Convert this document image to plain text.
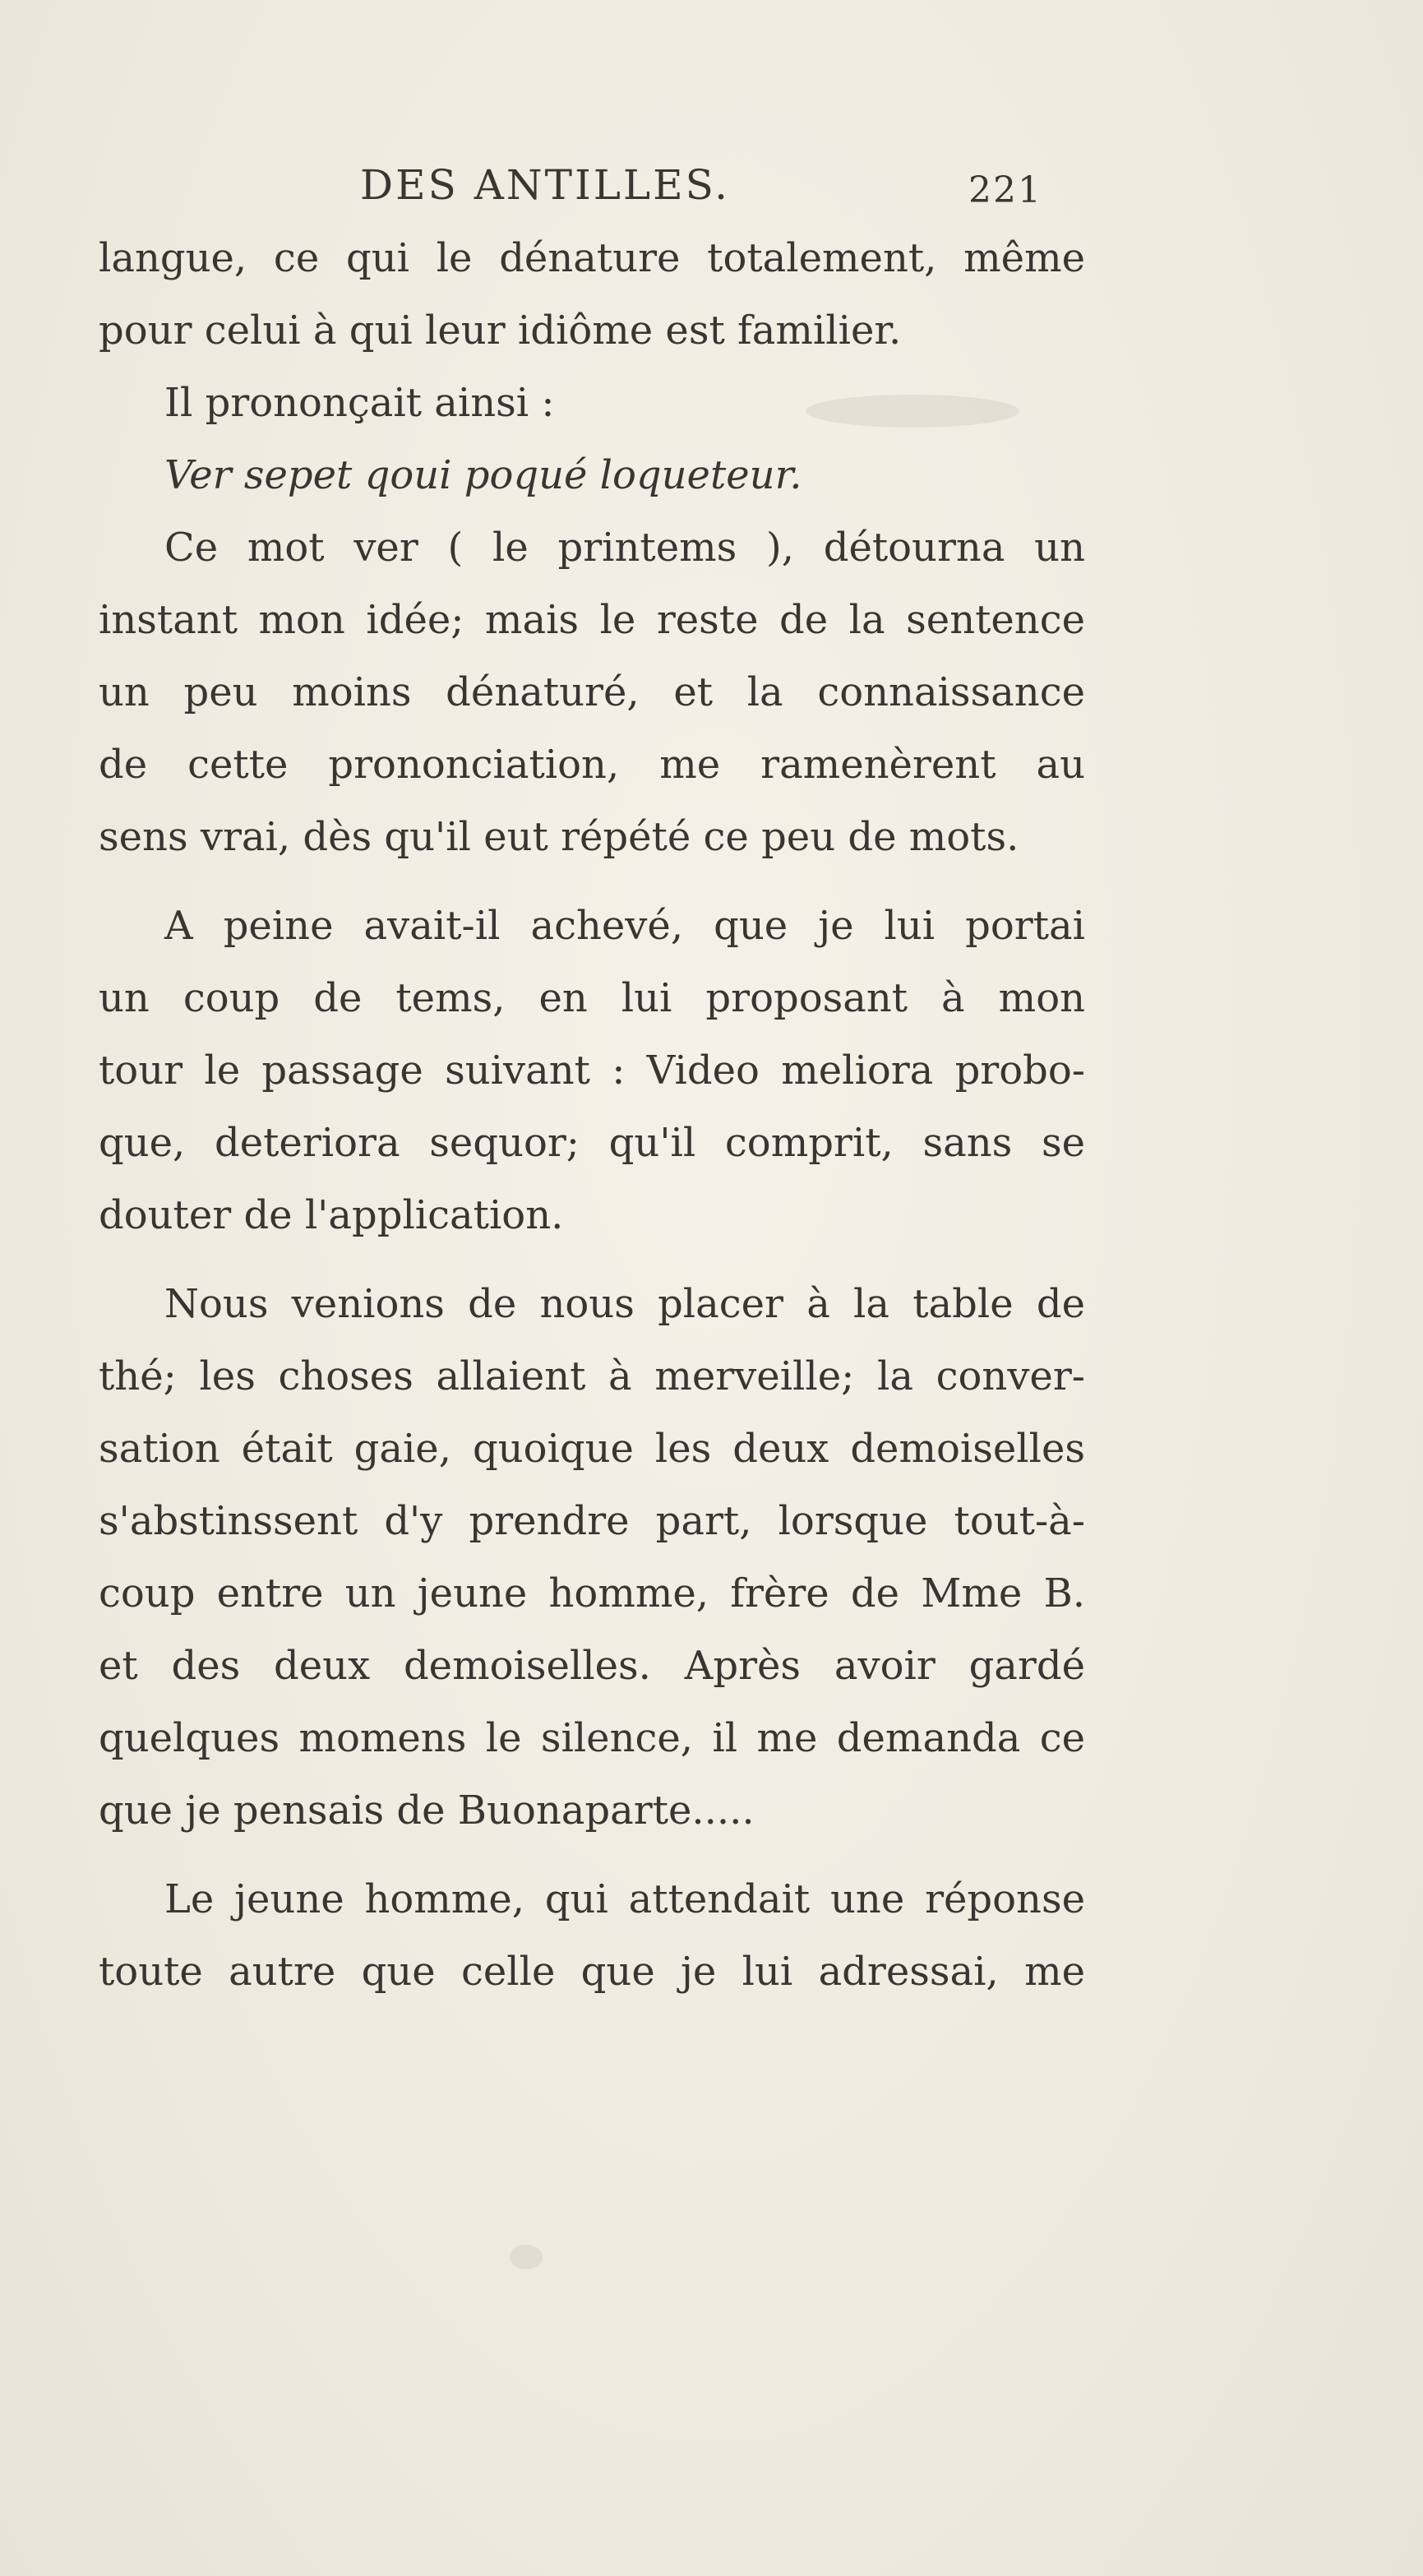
DES ANTILLES.	221
langue, ce qui le dénature totalement, même
pour celui à qui leur idiôme est familier.
Il prononçait ainsi :
Ver sepet qoui poqué loqueteur.
Ce mot ver ( le printems ), détourna un
instant mon idée; mais le reste de la sentence
un peu moins dénaturé, et la connaissance
de cette prononciation, me ramenèrent au
sens vrai, dès qu'il eut répété ce peu de mots.
A peine avait-il achevé, que je lui portai
un coup de tems, en lui proposant à mon
tour le passage suivant : Video meliora probo-
que, deteriora sequor; qu'il comprit, sans se
douter de l'application.
Nous venions de nous placer à la table de
thé; les choses allaient à merveille; la conver-
sation était gaie, quoique les deux demoiselles
s'abstinssent d'y prendre part, lorsque tout-à-
coup entre un jeune homme, frère de Mme B.
et des deux demoiselles. Après avoir gardé
quelques momens le silence, il me demanda ce
que je pensais de Buonaparte.....
Le jeune homme, qui attendait une réponse
toute autre que celle que je lui adressai, me
